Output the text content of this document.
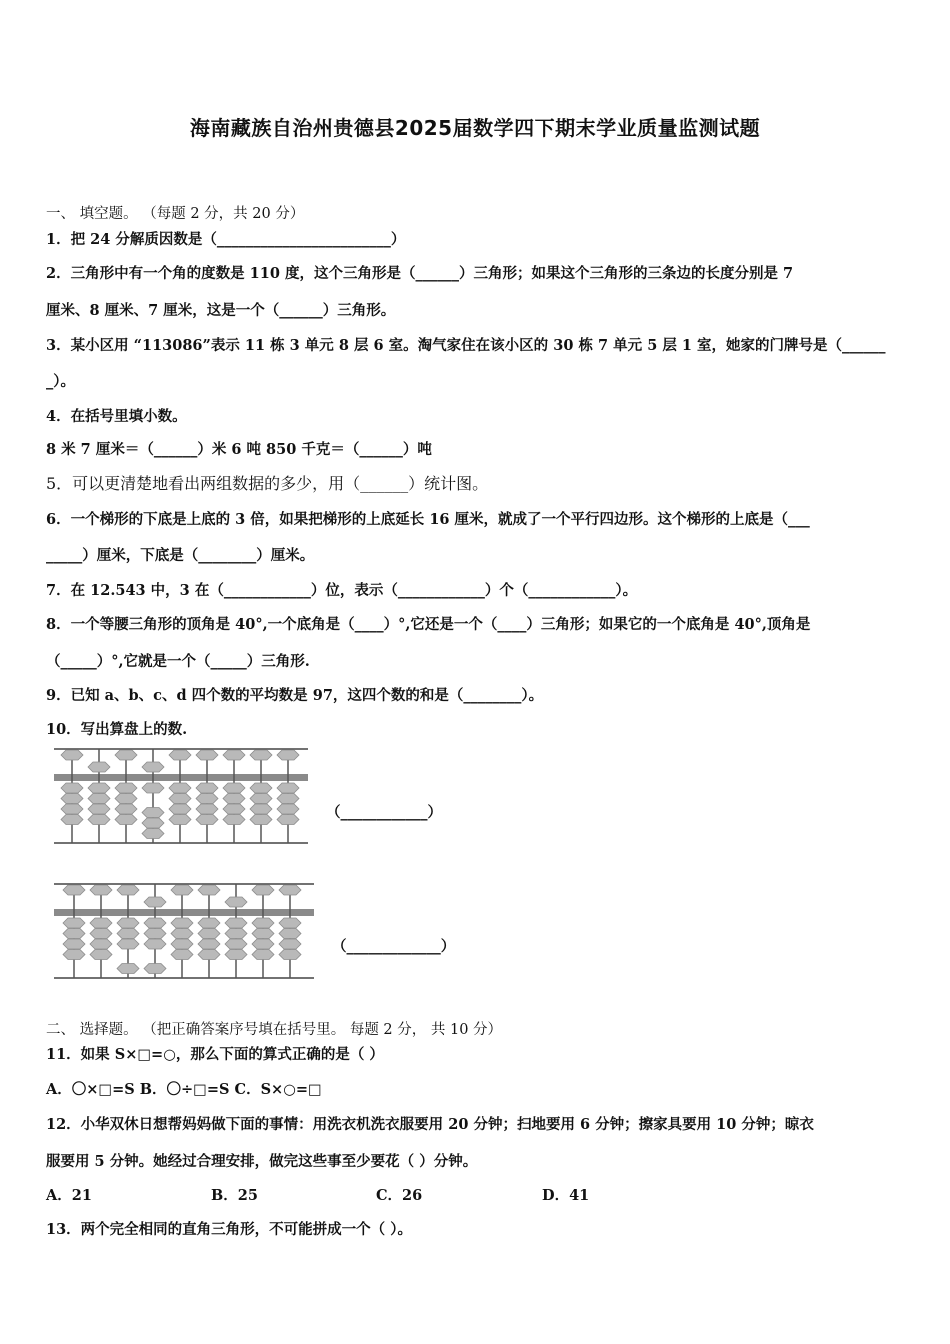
海南藏族自治州贵德县2025届数学四下期末学业质量监测试题
一、 填空题。 （每题 2 分，共 20 分）
1．把 24 分解质因数是（________________________）
2．三角形中有一个角的度数是 110 度，这个三角形是（______）三角形；如果这个三角形的三条边的长度分别是 7
厘米、8 厘米、7 厘米，这是一个（______）三角形。
3．某小区用 “113086”表示 11 栋 3 单元 8 层 6 室。淘气家住在该小区的 30 栋 7 单元 5 层 1 室，她家的门牌号是（______
_）。
4．在括号里填小数。
8 米 7 厘米＝（______）米 6 吨 850 千克＝（______）吨
5．可以更清楚地看出两组数据的多少，用（______）统计图。
6．一个梯形的下底是上底的 3 倍，如果把梯形的上底延长 16 厘米，就成了一个平行四边形。这个梯形的上底是（___
_____）厘米，下底是（________）厘米。
7．在 12.543 中，3 在（____________）位，表示（____________）个（____________）。
8．一个等腰三角形的顶角是 40°,一个底角是（____）°,它还是一个（____）三角形；如果它的一个底角是 40°,顶角是
（_____）°,它就是一个（_____）三角形.
9．已知 a、b、c、d 四个数的平均数是 97，这四个数的和是（________）。
10．写出算盘上的数.
（____________）
（_____________）
二、 选择题。 （把正确答案序号填在括号里。 每题 2 分， 共 10 分）
11．如果 S×□=○，那么下面的算式正确的是（ ）
A．〇×□=S B．〇÷□=S C．S×○=□
12．小华双休日想帮妈妈做下面的事情：用洗衣机洗衣服要用 20 分钟；扫地要用 6 分钟；擦家具要用 10 分钟；晾衣
服要用 5 分钟。她经过合理安排，做完这些事至少要花（ ）分钟。
A．21	B．25	C．26	D．41
13．两个完全相同的直角三角形，不可能拼成一个（ ）。
